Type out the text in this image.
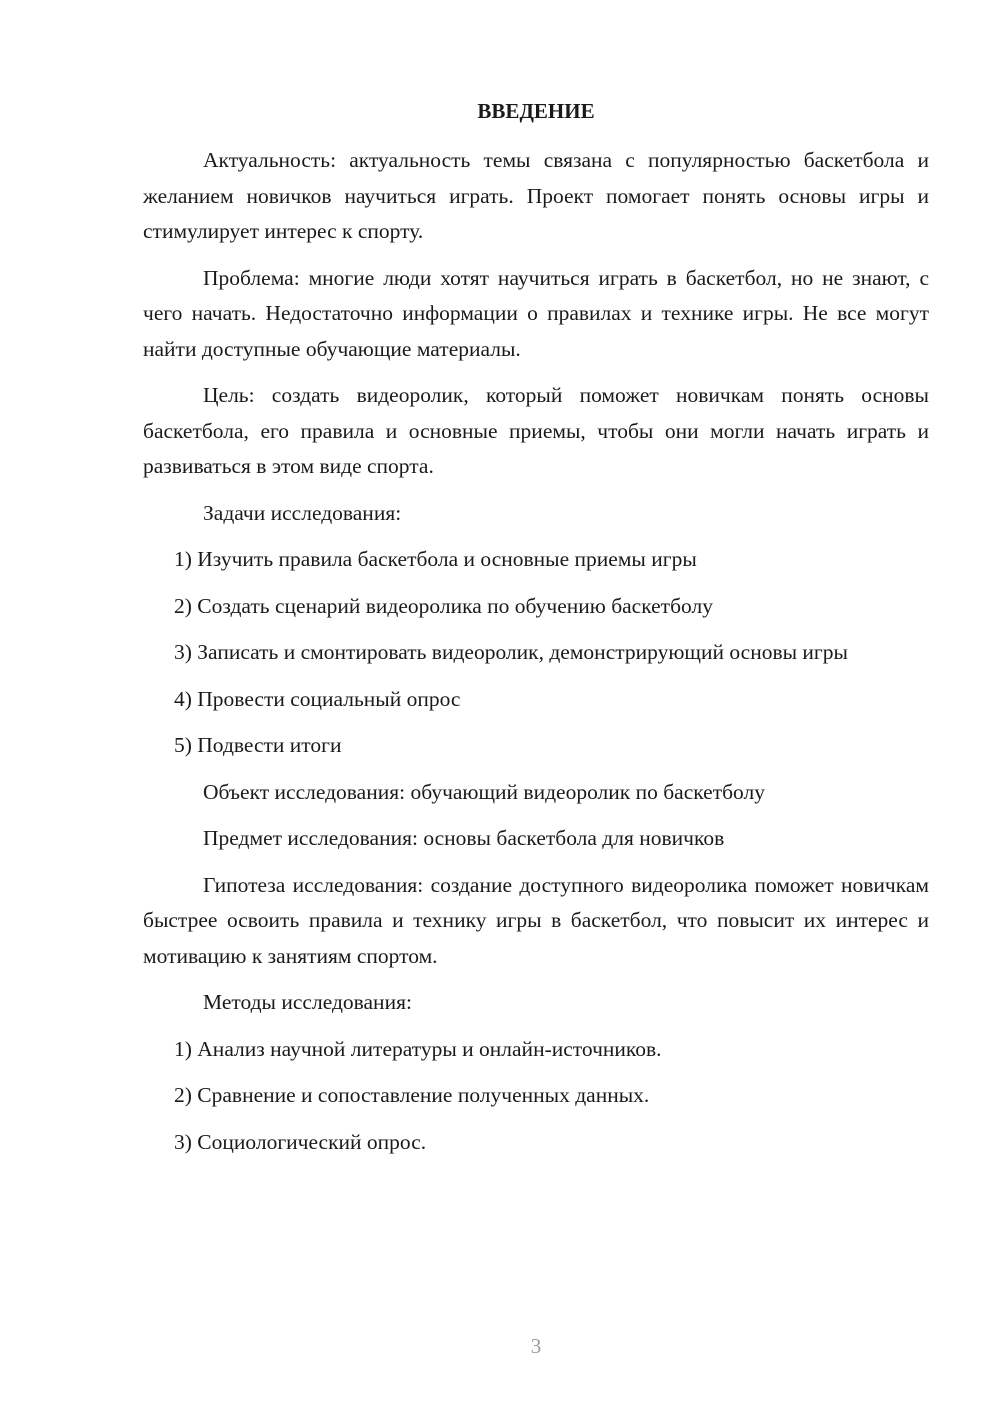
ВВЕДЕНИЕ

Актуальность: актуальность темы связана с популярностью баскетбола и желанием новичков научиться играть. Проект помогает понять основы игры и стимулирует интерес к спорту.

Проблема: многие люди хотят научиться играть в баскетбол, но не знают, с чего начать. Недостаточно информации о правилах и технике игры. Не все могут найти доступные обучающие материалы.

Цель: создать видеоролик, который поможет новичкам понять основы баскетбола, его правила и основные приемы, чтобы они могли начать играть и развиваться в этом виде спорта.

Задачи исследования:

1) Изучить правила баскетбола и основные приемы игры

2) Создать сценарий видеоролика по обучению баскетболу

3) Записать и смонтировать видеоролик, демонстрирующий основы игры

4) Провести социальный опрос

5) Подвести итоги

Объект исследования: обучающий видеоролик по баскетболу

Предмет исследования: основы баскетбола для новичков

Гипотеза исследования: создание доступного видеоролика поможет новичкам быстрее освоить правила и технику игры в баскетбол, что повысит их интерес и мотивацию к занятиям спортом.

Методы исследования:

1) Анализ научной литературы и онлайн-источников.

2) Сравнение и сопоставление полученных данных.

3) Социологический опрос.

3
